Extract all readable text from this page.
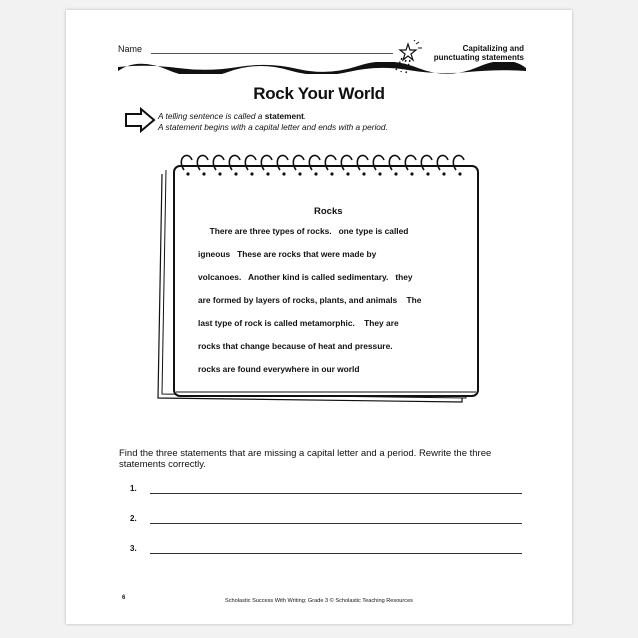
Name	Capitalizing and
punctuating statements
Rock Your World
A telling sentence is called a statement.
A statement begins with a capital letter and ends with a period.
Rocks
There are three types of rocks.   one type is called
igneous   These are rocks that were made by
volcanoes.   Another kind is called sedimentary.   they
are formed by layers of rocks, plants, and animals    The
last type of rock is called metamorphic.    They are
rocks that change because of heat and pressure.
rocks are found everywhere in our world
Find the three statements that are missing a capital letter and a period. Rewrite the three statements correctly.
1.
2.
3.
6	Scholastic Success With Writing: Grade 3 © Scholastic Teaching Resources
